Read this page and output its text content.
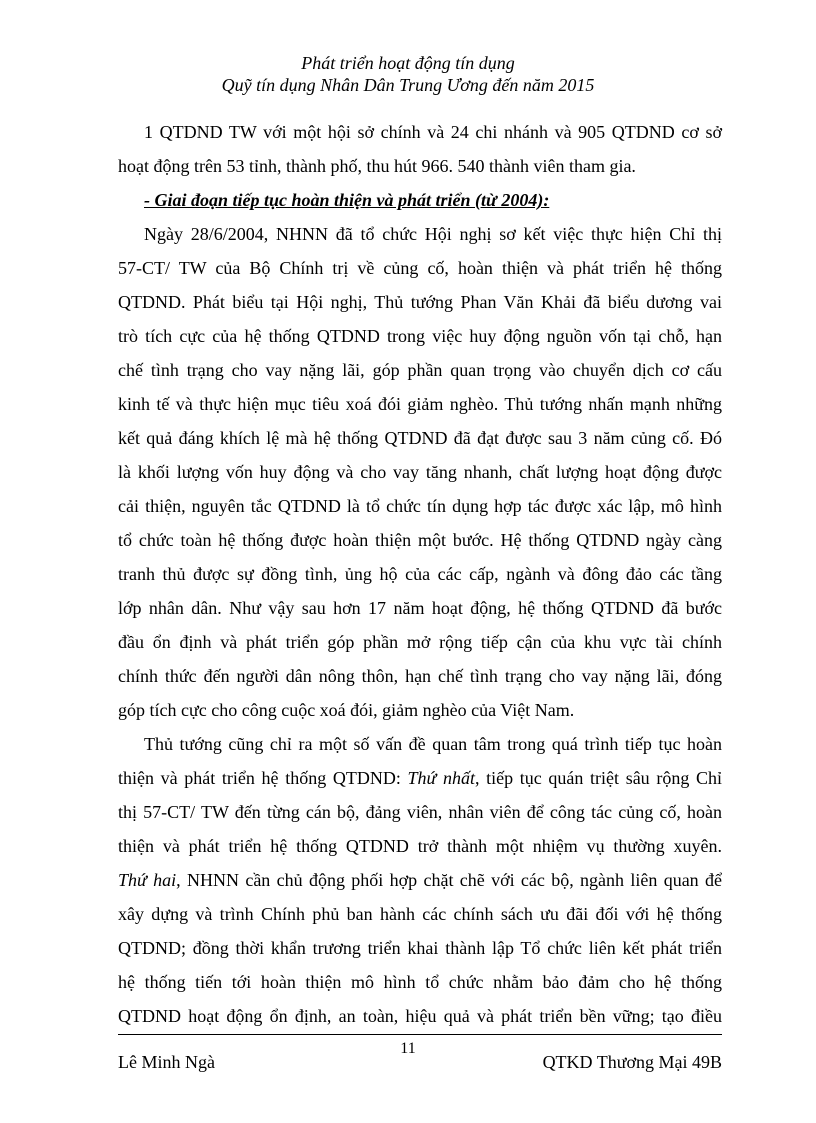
Phát triển hoạt động tín dụng
Quỹ tín dụng Nhân Dân Trung Ương đến năm 2015
1 QTDND TW với một hội sở chính và 24 chi nhánh và 905 QTDND cơ sở
hoạt động trên 53 tỉnh, thành phố, thu hút 966. 540 thành viên tham gia.
- Giai đoạn tiếp tục hoàn thiện và phát triển (từ 2004):
Ngày 28/6/2004, NHNN đã tổ chức Hội nghị sơ kết việc thực hiện Chỉ thị
57-CT/ TW của Bộ Chính trị về củng cố, hoàn thiện và phát triển hệ thống
QTDND. Phát biểu tại Hội nghị, Thủ tướng Phan Văn Khải đã biểu dương vai
trò tích cực của hệ thống QTDND trong việc huy động nguồn vốn tại chỗ, hạn
chế tình trạng cho vay nặng lãi, góp phần quan trọng vào chuyển dịch cơ cấu
kinh tế và thực hiện mục tiêu xoá đói giảm nghèo. Thủ tướng nhấn mạnh những
kết quả đáng khích lệ mà hệ thống QTDND đã đạt được sau 3 năm củng cố. Đó
là khối lượng vốn huy động và cho vay tăng nhanh, chất lượng hoạt động được
cải thiện, nguyên tắc QTDND là tổ chức tín dụng hợp tác được xác lập, mô hình
tổ chức toàn hệ thống được hoàn thiện một bước. Hệ thống QTDND ngày càng
tranh thủ được sự đồng tình, ủng hộ của các cấp, ngành và đông đảo các tầng
lớp nhân dân. Như vậy sau hơn 17 năm hoạt động, hệ thống QTDND đã bước
đầu ổn định và phát triển góp phần mở rộng tiếp cận của khu vực tài chính
chính thức đến người dân nông thôn, hạn chế tình trạng cho vay nặng lãi, đóng
góp tích cực cho công cuộc xoá đói, giảm nghèo của Việt Nam.
Thủ tướng cũng chỉ ra một số vấn đề quan tâm trong quá trình tiếp tục hoàn
thiện và phát triển hệ thống QTDND: Thứ nhất, tiếp tục quán triệt sâu rộng Chỉ
thị 57-CT/ TW đến từng cán bộ, đảng viên, nhân viên để công tác củng cố, hoàn
thiện và phát triển hệ thống QTDND trở thành một nhiệm vụ thường xuyên.
Thứ hai, NHNN cần chủ động phối hợp chặt chẽ với các bộ, ngành liên quan để
xây dựng và trình Chính phủ ban hành các chính sách ưu đãi đối với hệ thống
QTDND; đồng thời khẩn trương triển khai thành lập Tổ chức liên kết phát triển
hệ thống tiến tới hoàn thiện mô hình tổ chức nhằm bảo đảm cho hệ thống
QTDND hoạt động ổn định, an toàn, hiệu quả và phát triển bền vững; tạo điều
11
Lê Minh Ngà	QTKD Thương Mại 49B
